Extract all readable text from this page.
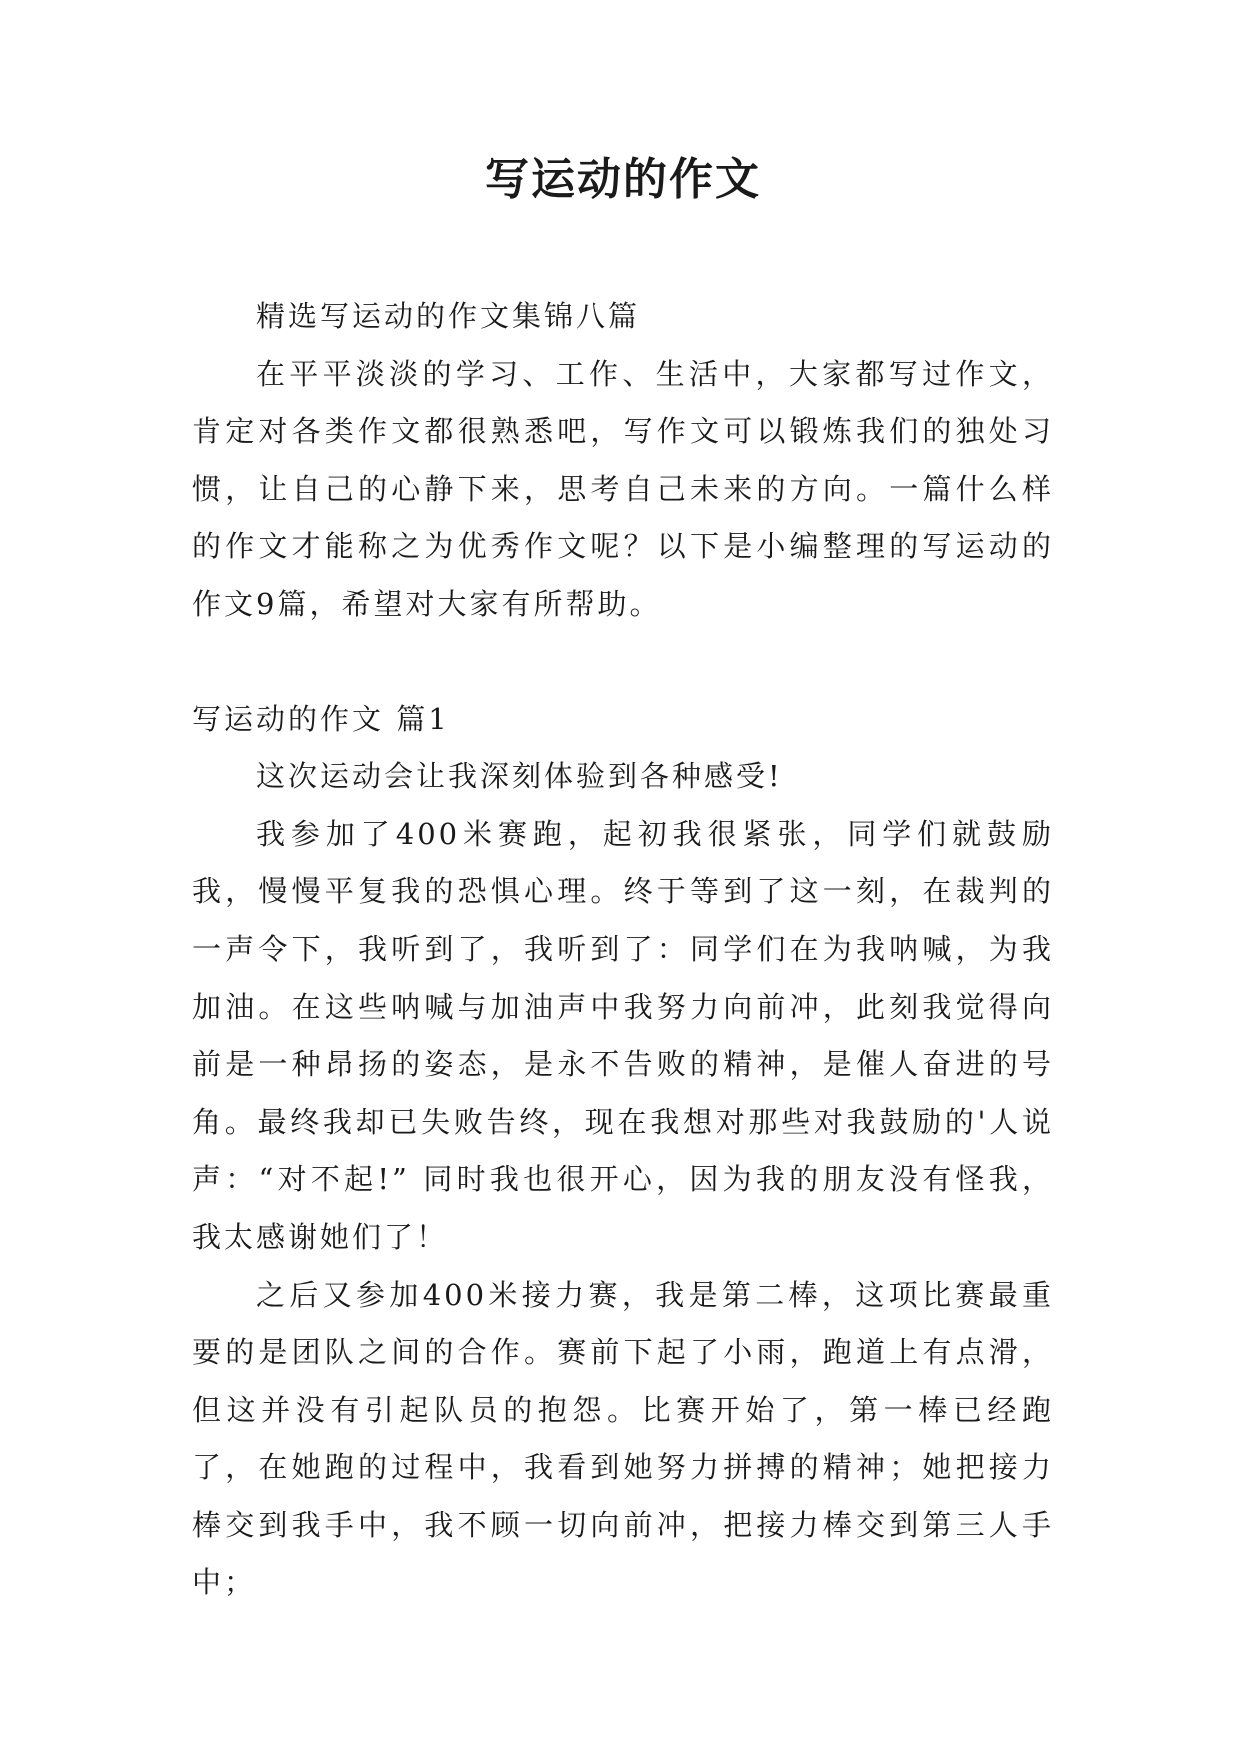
写运动的作文

精选写运动的作文集锦八篇

在平平淡淡的学习、工作、生活中，大家都写过作文，肯定对各类作文都很熟悉吧，写作文可以锻炼我们的独处习惯，让自己的心静下来，思考自己未来的方向。一篇什么样的作文才能称之为优秀作文呢？以下是小编整理的写运动的作文9篇，希望对大家有所帮助。

写运动的作文 篇1

这次运动会让我深刻体验到各种感受!

我参加了400米赛跑，起初我很紧张，同学们就鼓励我，慢慢平复我的恐惧心理。终于等到了这一刻，在裁判的一声令下，我听到了，我听到了：同学们在为我呐喊，为我加油。在这些呐喊与加油声中我努力向前冲，此刻我觉得向前是一种昂扬的姿态，是永不告败的精神，是催人奋进的号角。最终我却已失败告终，现在我想对那些对我鼓励的'人说声：“对不起!” 同时我也很开心，因为我的朋友没有怪我，我太感谢她们了！

之后又参加400米接力赛，我是第二棒，这项比赛最重要的是团队之间的合作。赛前下起了小雨，跑道上有点滑，但这并没有引起队员的抱怨。比赛开始了，第一棒已经跑了，在她跑的过程中，我看到她努力拼搏的精神；她把接力棒交到我手中，我不顾一切向前冲，把接力棒交到第三人手中；
